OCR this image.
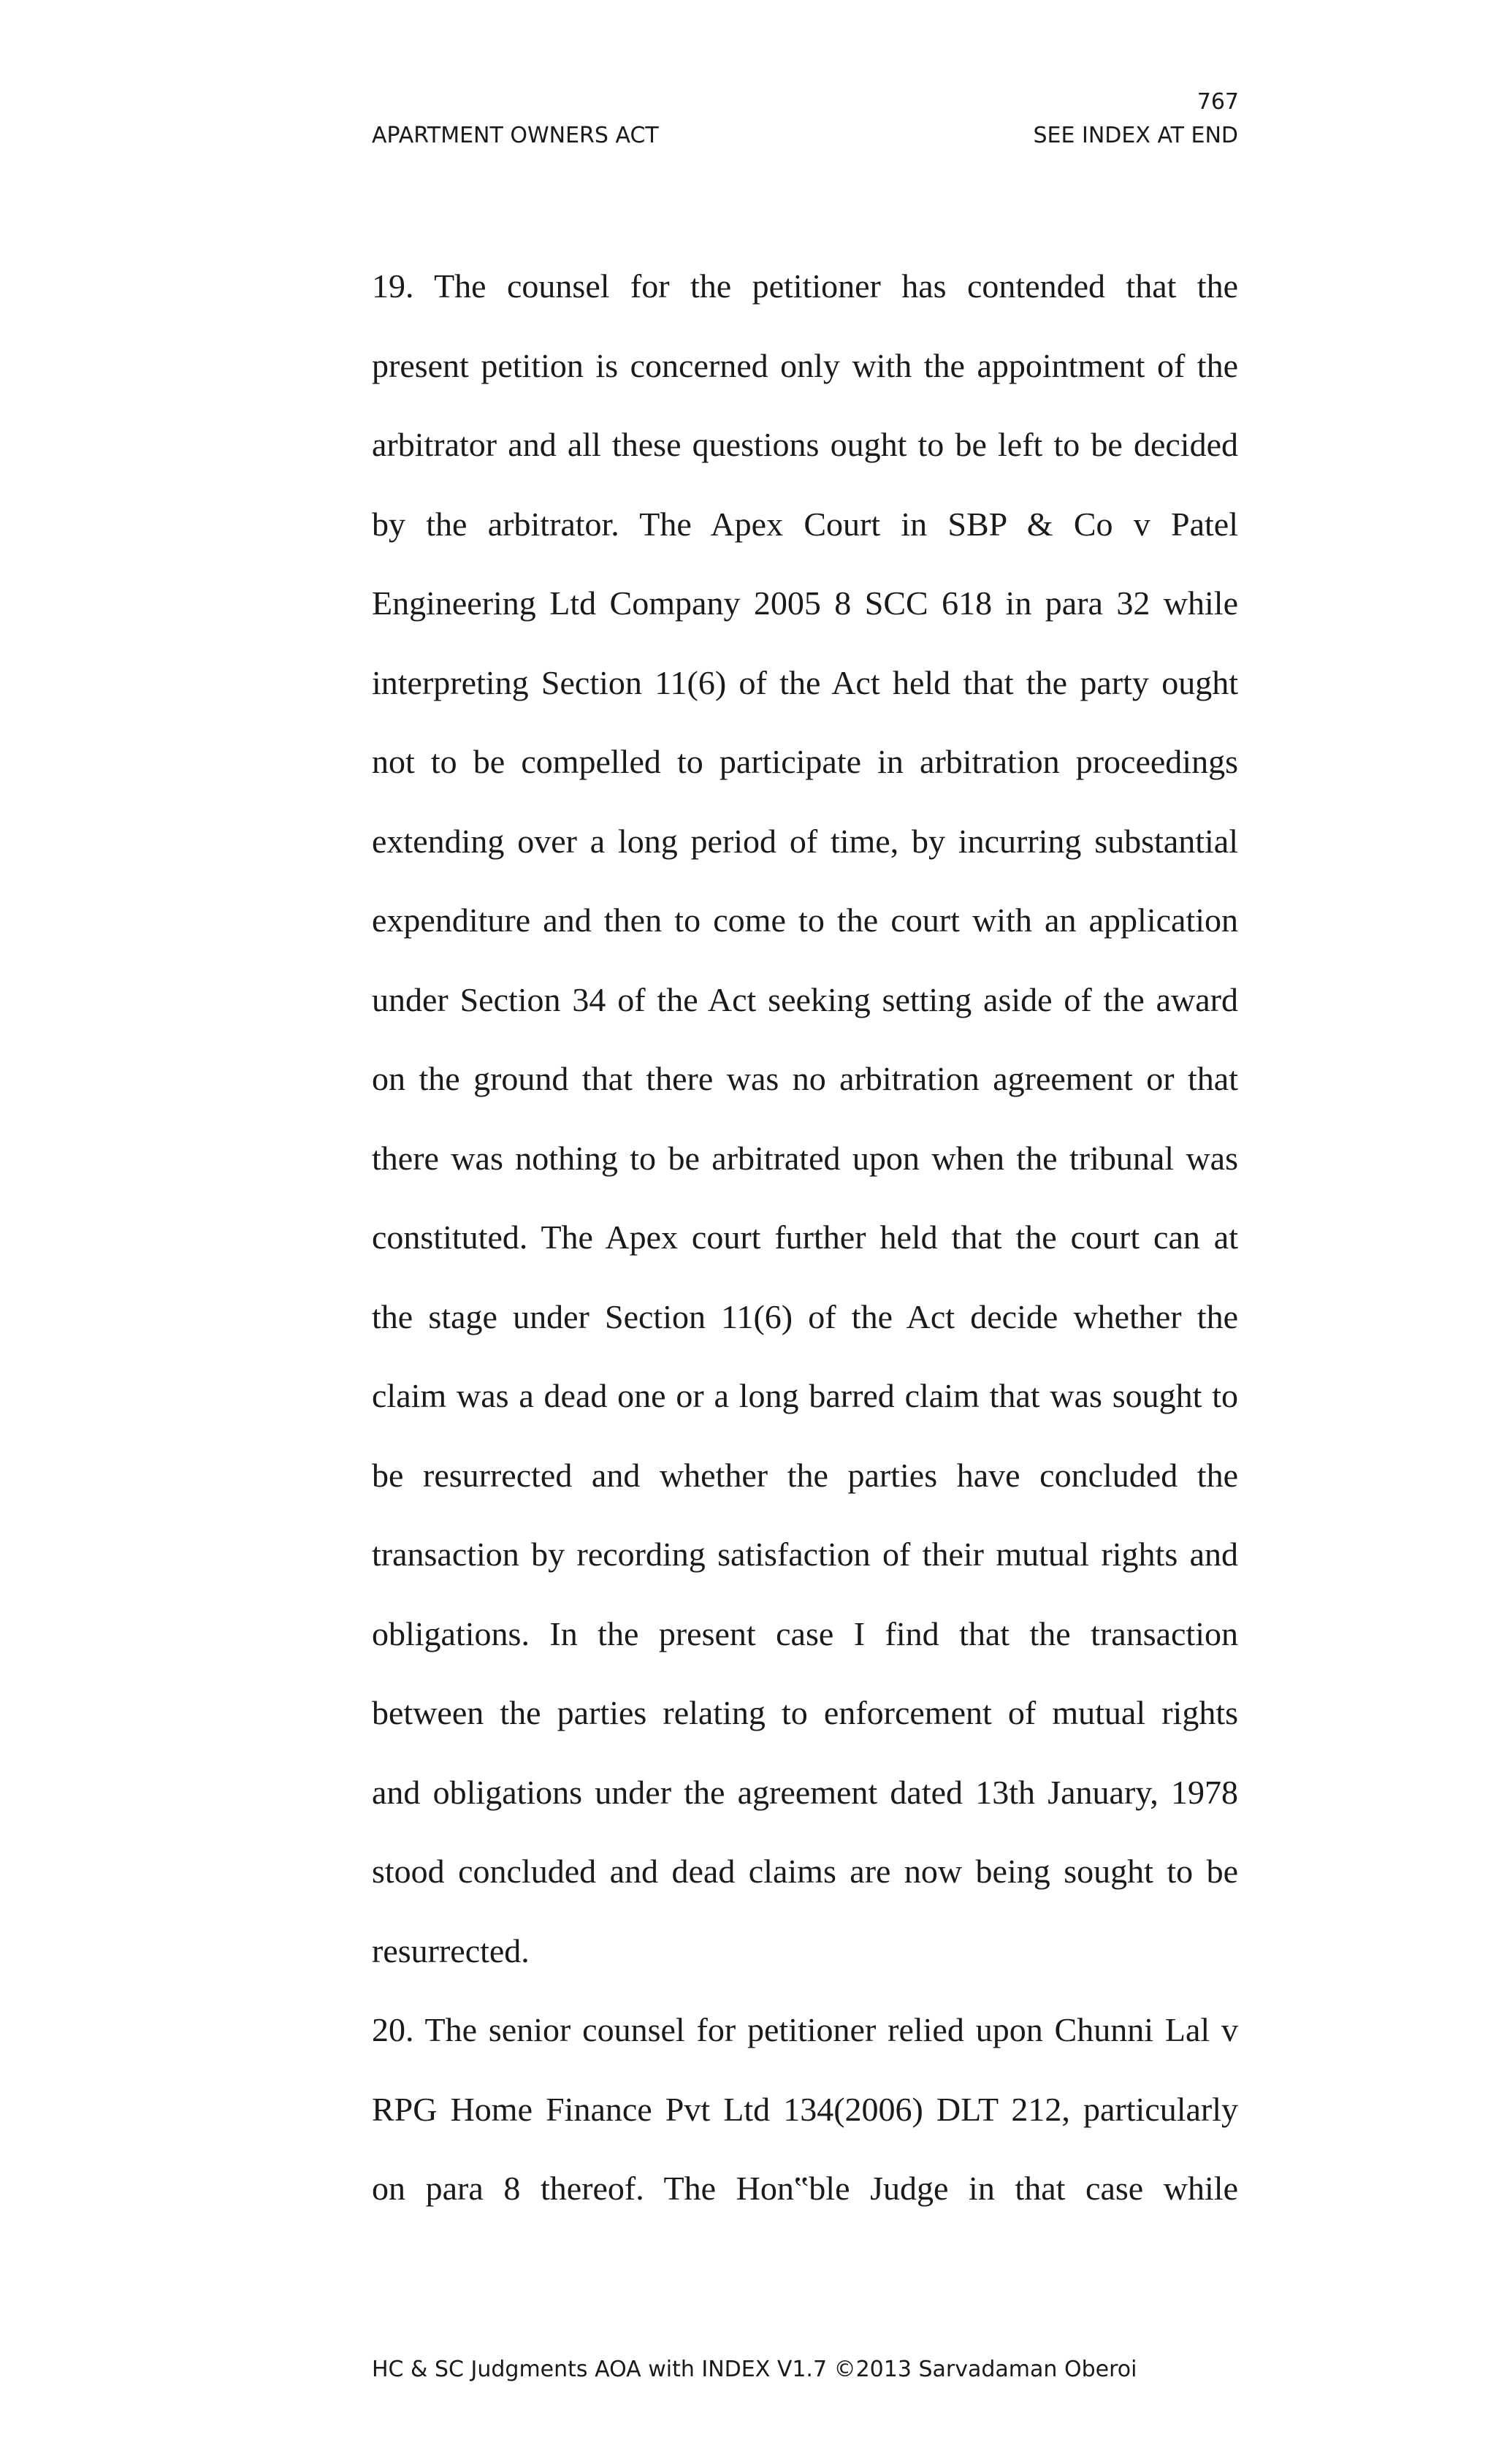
767
APARTMENT OWNERS ACT	SEE INDEX AT END
19. The counsel for the petitioner has contended that the
present petition is concerned only with the appointment of the
arbitrator and all these questions ought to be left to be decided
by the arbitrator. The Apex Court in SBP & Co v Patel
Engineering Ltd Company 2005 8 SCC 618 in para 32 while
interpreting Section 11(6) of the Act held that the party ought
not to be compelled to participate in arbitration proceedings
extending over a long period of time, by incurring substantial
expenditure and then to come to the court with an application
under Section 34 of the Act seeking setting aside of the award
on the ground that there was no arbitration agreement or that
there was nothing to be arbitrated upon when the tribunal was
constituted. The Apex court further held that the court can at
the stage under Section 11(6) of the Act decide whether the
claim was a dead one or a long barred claim that was sought to
be resurrected and whether the parties have concluded the
transaction by recording satisfaction of their mutual rights and
obligations. In the present case I find that the transaction
between the parties relating to enforcement of mutual rights
and obligations under the agreement dated 13th January, 1978
stood concluded and dead claims are now being sought to be
resurrected.
20. The senior counsel for petitioner relied upon Chunni Lal v
RPG Home Finance Pvt Ltd 134(2006) DLT 212, particularly
on para 8 thereof. The Hon‟ble Judge in that case while
HC & SC Judgments AOA with INDEX V1.7 ©2013 Sarvadaman Oberoi
